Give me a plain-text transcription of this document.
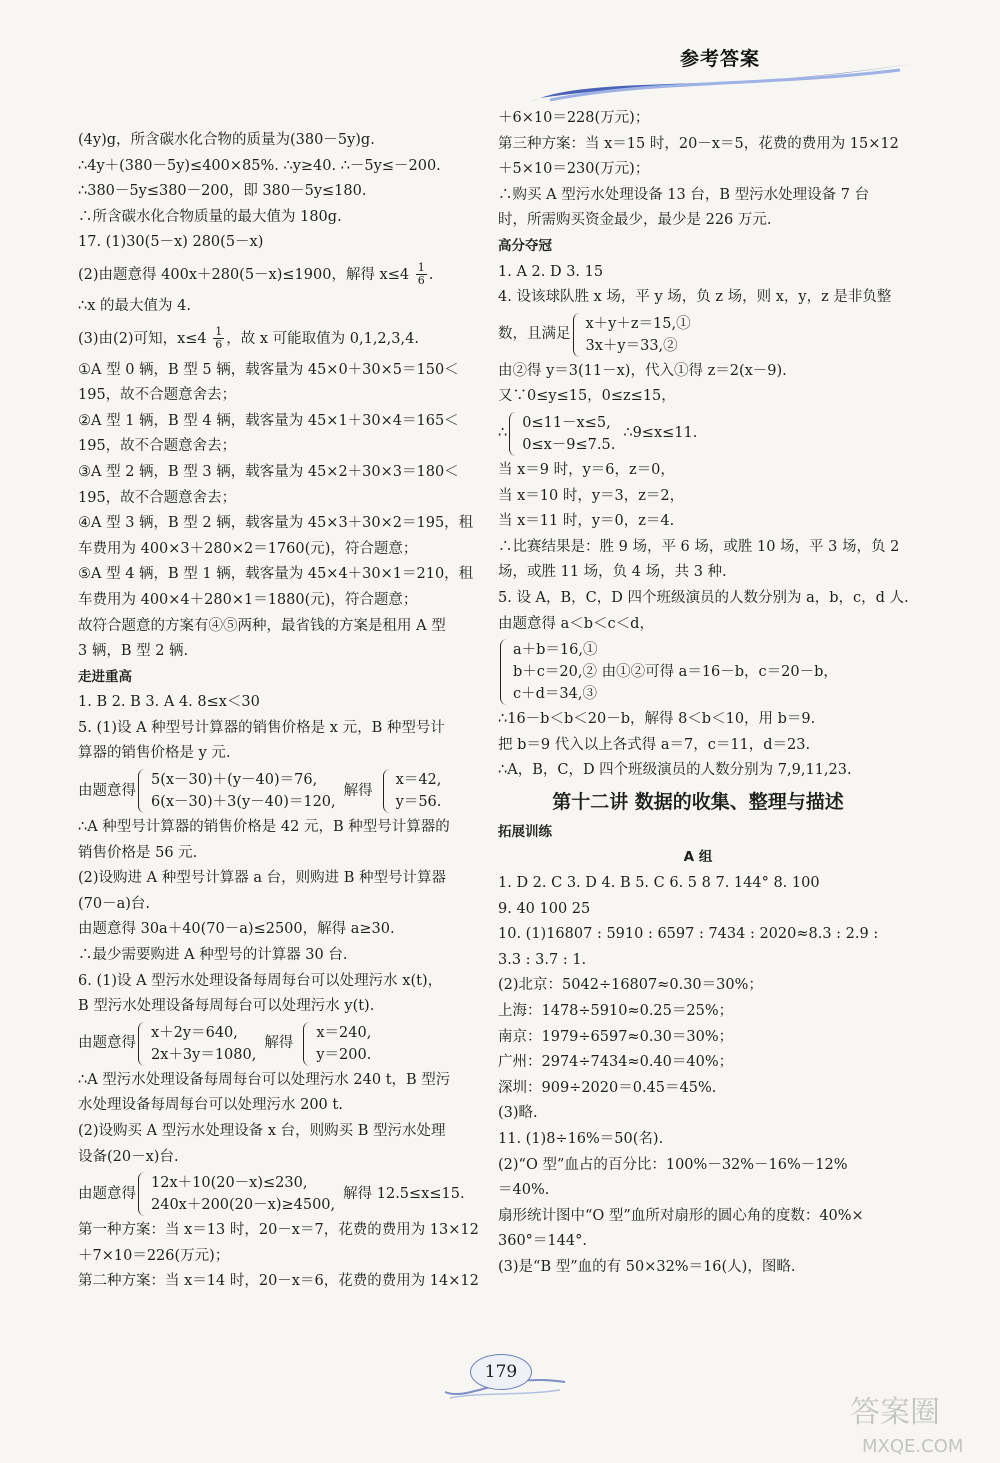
参考答案
(4y)g，所含碳水化合物的质量为(380－5y)g.
∴4y＋(380－5y)≤400×85%. ∴y≥40. ∴－5y≤－200.
∴380－5y≤380－200，即 380－5y≤180.
∴所含碳水化合物质量的最大值为 180g.
17. (1)30(5－x) 280(5－x)
(2)由题意得 400x＋280(5－x)≤1900，解得 $x\le 4 \frac{1}{6}$ .
∴x 的最大值为 4.
(3)由(2)可知，$x\le 4 \frac{1}{6}$ ，故 x 可能取值为 0,1,2,3,4.
①A 型 0 辆，B 型 5 辆，载客量为 45×0＋30×5＝150＜
195，故不合题意舍去；
②A 型 1 辆，B 型 4 辆，载客量为 45×1＋30×4＝165＜
195，故不合题意舍去；
③A 型 2 辆，B 型 3 辆，载客量为 45×2＋30×3＝180＜
195，故不合题意舍去；
④A 型 3 辆，B 型 2 辆，载客量为 45×3＋30×2＝195，租
车费用为 400×3＋280×2＝1760(元)，符合题意；
⑤A 型 4 辆，B 型 1 辆，载客量为 45×4＋30×1＝210，租
车费用为 400×4＋280×1＝1880(元)，符合题意；
故符合题意的方案有④⑤两种，最省钱的方案是租用 A 型
3 辆，B 型 2 辆.
走进重高
1. B 2. B 3. A 4. 8≤x＜30
5. (1)设 A 种型号计算器的销售价格是 x 元，B 种型号计
算器的销售价格是 y 元.
由题意得
5(x－30)＋(y－40)＝76,
6(x－30)＋3(y－40)＝120,
解得
x＝42,
y＝56.
∴A 种型号计算器的销售价格是 42 元，B 种型号计算器的
销售价格是 56 元.
(2)设购进 A 种型号计算器 a 台，则购进 B 种型号计算器
(70－a)台.
由题意得 30a＋40(70－a)≤2500，解得 a≥30.
∴最少需要购进 A 种型号的计算器 30 台.
6. (1)设 A 型污水处理设备每周每台可以处理污水 x(t)，
B 型污水处理设备每周每台可以处理污水 y(t).
由题意得
x＋2y＝640,
2x＋3y＝1080,
解得
x＝240,
y＝200.
∴A 型污水处理设备每周每台可以处理污水 240 t，B 型污
水处理设备每周每台可以处理污水 200 t.
(2)设购买 A 型污水处理设备 x 台，则购买 B 型污水处理
设备(20－x)台.
由题意得
12x＋10(20－x)≤230,
240x＋200(20－x)≥4500,
解得 12.5≤x≤15.
第一种方案：当 x＝13 时，20－x＝7，花费的费用为 13×12
＋7×10＝226(万元)；
第二种方案：当 x＝14 时，20－x＝6，花费的费用为 14×12
＋6×10＝228(万元)；
第三种方案：当 x＝15 时，20－x＝5，花费的费用为 15×12
＋5×10＝230(万元)；
∴购买 A 型污水处理设备 13 台，B 型污水处理设备 7 台
时，所需购买资金最少，最少是 226 万元.
高分夺冠
1. A 2. D 3. 15
4. 设该球队胜 x 场，平 y 场，负 z 场，则 x，y，z 是非负整
数，且满足
x＋y＋z＝15,①
3x＋y＝33,②
由②得 y＝3(11－x)，代入①得 z＝2(x－9).
又∵0≤y≤15，0≤z≤15，
∴
0≤11－x≤5,
0≤x－9≤7.5.
∴9≤x≤11.
当 x＝9 时，y＝6，z＝0，
当 x＝10 时，y＝3，z＝2，
当 x＝11 时，y＝0，z＝4.
∴比赛结果是：胜 9 场，平 6 场，或胜 10 场，平 3 场，负 2
场，或胜 11 场，负 4 场，共 3 种.
5. 设 A，B，C，D 四个班级演员的人数分别为 a，b，c，d 人.
由题意得 a＜b＜c＜d，
a＋b＝16,①
b＋c＝20,② 由①②可得 a＝16－b，c＝20－b，
c＋d＝34,③
∴16－b＜b＜20－b，解得 8＜b＜10，用 b＝9.
把 b＝9 代入以上各式得 a＝7，c＝11，d＝23.
∴A，B，C，D 四个班级演员的人数分别为 7,9,11,23.
第十二讲 数据的收集、整理与描述
拓展训练
A 组
1. D 2. C 3. D 4. B 5. C 6. 5 8 7. 144° 8. 100
9. 40 100 25
10. (1)16807 : 5910 : 6597 : 7434 : 2020≈8.3 : 2.9 :
3.3 : 3.7 : 1.
(2)北京：5042÷16807≈0.30＝30%；
上海：1478÷5910≈0.25＝25%；
南京：1979÷6597≈0.30＝30%；
广州：2974÷7434≈0.40＝40%；
深圳：909÷2020＝0.45＝45%.
(3)略.
11. (1)8÷16%＝50(名).
(2)“O 型”血占的百分比：100%－32%－16%－12%
＝40%.
扇形统计图中“O 型”血所对扇形的圆心角的度数：40%×
360°＝144°.
(3)是“B 型”血的有 50×32%＝16(人)，图略.
179
答案圈
MXQE.COM
